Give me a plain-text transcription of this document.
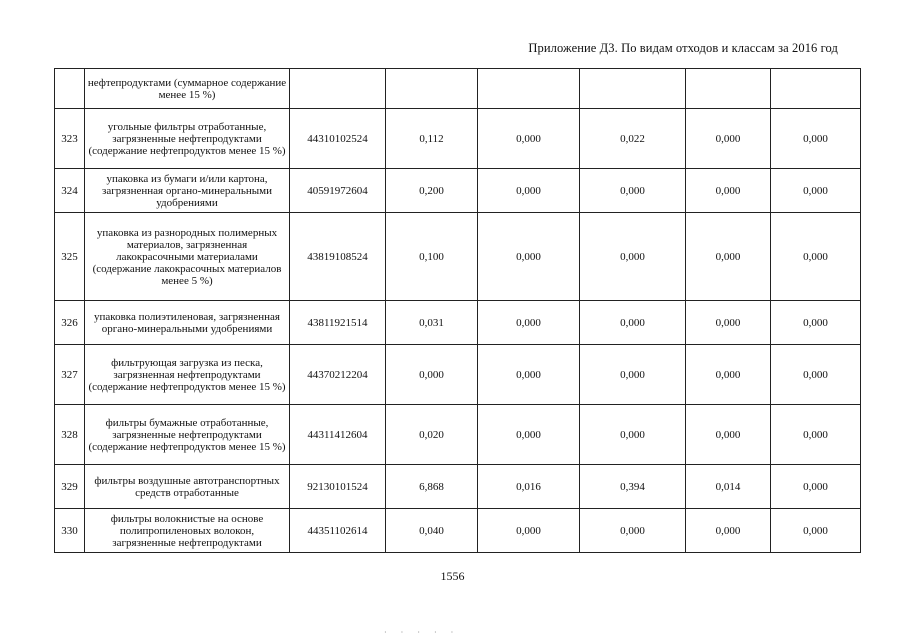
Приложение Д3. По видам отходов и классам за 2016 год
	нефтепродуктами (суммарное содержание менее 15 %)						
323	угольные фильтры отработанные, загрязненные нефтепродуктами (содержание нефтепродуктов менее 15 %)	44310102524	0,112	0,000	0,022	0,000	0,000
324	упаковка из бумаги и/или картона, загрязненная органо-минеральными удобрениями	40591972604	0,200	0,000	0,000	0,000	0,000
325	упаковка из разнородных полимерных материалов, загрязненная лакокрасочными материалами (содержание лакокрасочных материалов менее 5 %)	43819108524	0,100	0,000	0,000	0,000	0,000
326	упаковка полиэтиленовая, загрязненная органо-минеральными удобрениями	43811921514	0,031	0,000	0,000	0,000	0,000
327	фильтрующая загрузка из песка, загрязненная нефтепродуктами (содержание нефтепродуктов менее 15 %)	44370212204	0,000	0,000	0,000	0,000	0,000
328	фильтры бумажные отработанные, загрязненные нефтепродуктами (содержание нефтепродуктов менее 15 %)	44311412604	0,020	0,000	0,000	0,000	0,000
329	фильтры воздушные автотранспортных средств отработанные	92130101524	6,868	0,016	0,394	0,014	0,000
330	фильтры волокнистые на основе полипропиленовых волокон, загрязненные нефтепродуктами	44351102614	0,040	0,000	0,000	0,000	0,000
1556
· · · · ·
